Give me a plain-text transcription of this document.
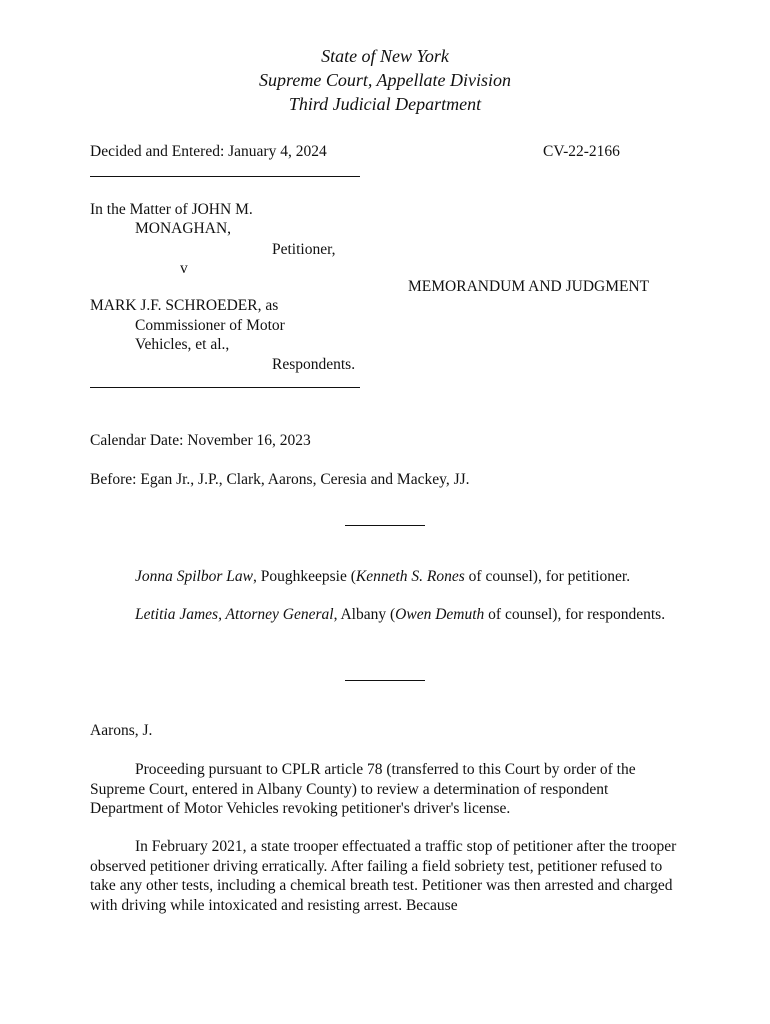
State of New York
Supreme Court, Appellate Division
Third Judicial Department
Decided and Entered: January 4, 2024	CV-22-2166
In the Matter of JOHN M.
MONAGHAN,
Petitioner,
v
MEMORANDUM AND JUDGMENT
MARK J.F. SCHROEDER, as
Commissioner of Motor
Vehicles, et al.,
Respondents.
Calendar Date: November 16, 2023
Before: Egan Jr., J.P., Clark, Aarons, Ceresia and Mackey, JJ.
Jonna Spilbor Law, Poughkeepsie (Kenneth S. Rones of counsel), for petitioner.
Letitia James, Attorney General, Albany (Owen Demuth of counsel), for respondents.
Aarons, J.
Proceeding pursuant to CPLR article 78 (transferred to this Court by order of the Supreme Court, entered in Albany County) to review a determination of respondent Department of Motor Vehicles revoking petitioner's driver's license.
In February 2021, a state trooper effectuated a traffic stop of petitioner after the trooper observed petitioner driving erratically. After failing a field sobriety test, petitioner refused to take any other tests, including a chemical breath test. Petitioner was then arrested and charged with driving while intoxicated and resisting arrest. Because
